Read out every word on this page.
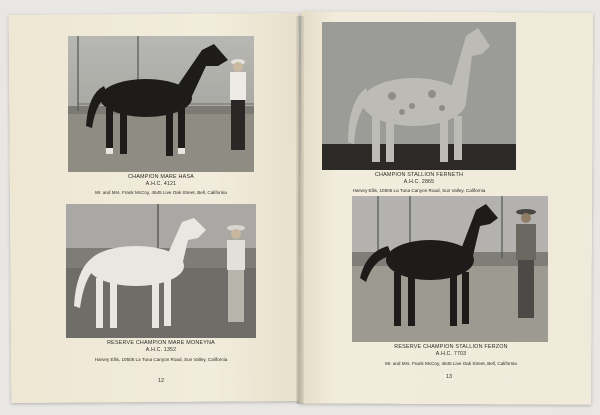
CHAMPION MARE HASA
A.H.C. 4121
Mr. and Mrs. Frank McCoy, 4645 Live Oak Street, Bell, California
RESERVE CHAMPION MARE MONEYNA
A.H.C. 1352
Harvey Ellis, 10505 La Tuna Canyon Road, Sun Valley, California
12
CHAMPION STALLION FERNETH
A.H.C. 2865
Harvey Ellis, 10505 La Tuna Canyon Road, Sun Valley, California
RESERVE CHAMPION STALLION FERZON
A.H.C. 7703
Mr. and Mrs. Frank McCoy, 4645 Live Oak Street, Bell, California
13
